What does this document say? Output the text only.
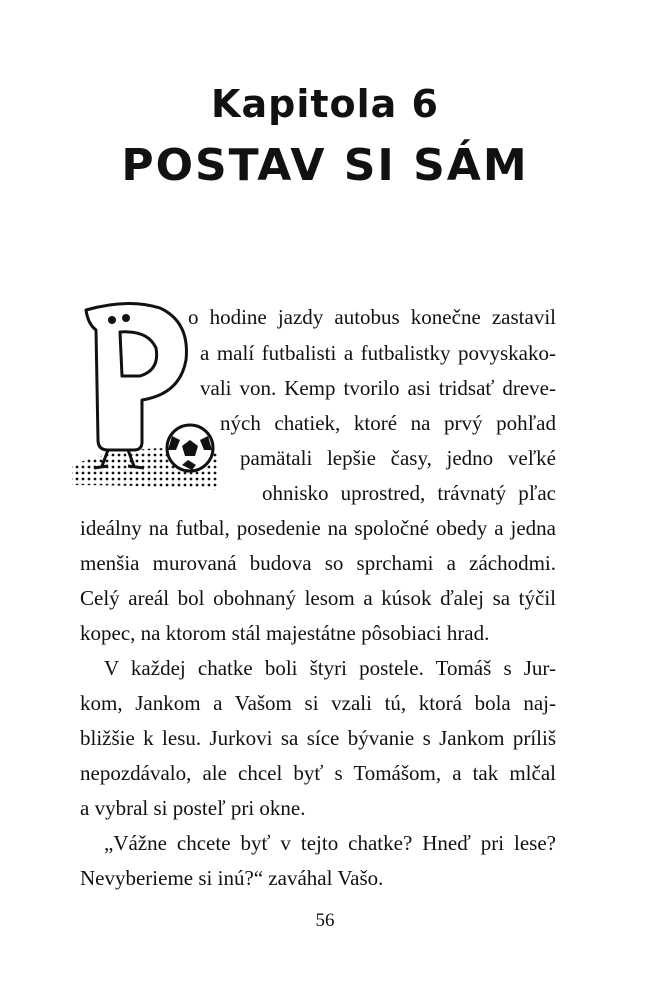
Kapitola 6
POSTAV SI SÁM
o hodine jazdy autobus konečne zastavil
a malí futbalisti a futbalistky povyskako-
vali von. Kemp tvorilo asi tridsať dreve-
ných chatiek, ktoré na prvý pohľad
pamätali lepšie časy, jedno veľké
ohnisko uprostred, trávnatý pľac
ideálny na futbal, posedenie na spoločné obedy a jedna
menšia murovaná budova so sprchami a záchodmi.
Celý areál bol obohnaný lesom a kúsok ďalej sa týčil
kopec, na ktorom stál majestátne pôsobiaci hrad.
V každej chatke boli štyri postele. Tomáš s Jur-
kom, Jankom a Vašom si vzali tú, ktorá bola naj-
bližšie k lesu. Jurkovi sa síce bývanie s Jankom príliš
nepozdávalo, ale chcel byť s Tomášom, a tak mlčal
a vybral si posteľ pri okne.
„Vážne chcete byť v tejto chatke? Hneď pri lese?
Nevyberieme si inú?“ zaváhal Vašo.
56
